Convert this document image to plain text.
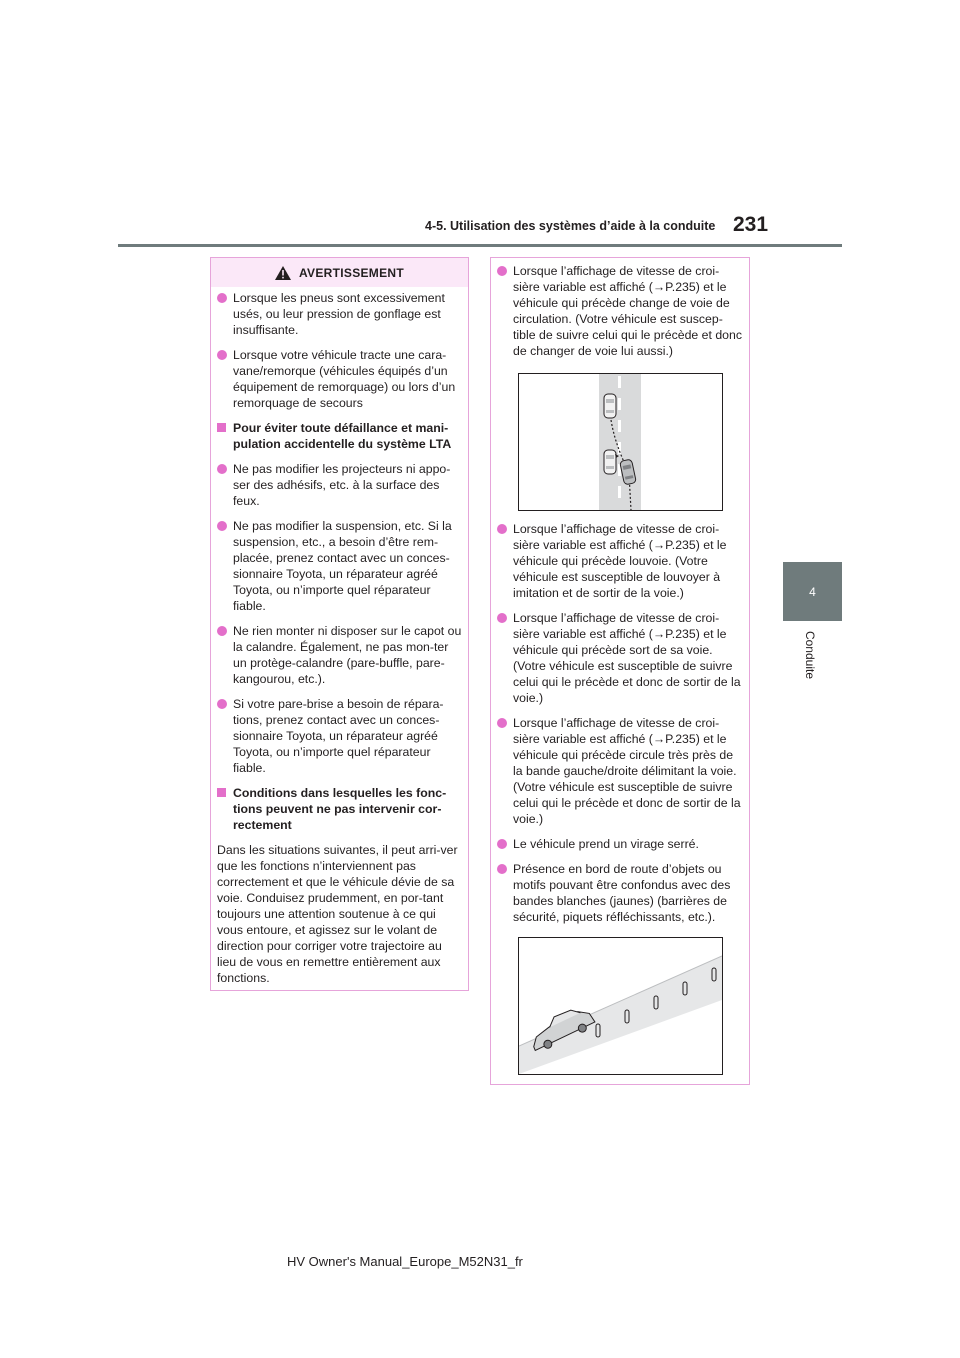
4-5. Utilisation des systèmes d’aide à la conduite 231
4
Conduite
AVERTISSEMENT
Lorsque les pneus sont excessivement usés, ou leur pression de gonflage est insuffisante.
Lorsque votre véhicule tracte une cara-vane/remorque (véhicules équipés d’un équipement de remorquage) ou lors d’un remorquage de secours
Pour éviter toute défaillance et mani-pulation accidentelle du système LTA
Ne pas modifier les projecteurs ni appo-ser des adhésifs, etc. à la surface des feux.
Ne pas modifier la suspension, etc. Si la suspension, etc., a besoin d’être rem-placée, prenez contact avec un conces-sionnaire Toyota, un réparateur agréé Toyota, ou n’importe quel réparateur fiable.
Ne rien monter ni disposer sur le capot ou la calandre. Également, ne pas mon-ter un protège-calandre (pare-buffle, pare-kangourou, etc.).
Si votre pare-brise a besoin de répara-tions, prenez contact avec un conces-sionnaire Toyota, un réparateur agréé Toyota, ou n’importe quel réparateur fiable.
Conditions dans lesquelles les fonc-tions peuvent ne pas intervenir cor-rectement
Dans les situations suivantes, il peut arri-ver que les fonctions n’interviennent pas correctement et que le véhicule dévie de sa voie. Conduisez prudemment, en por-tant toujours une attention soutenue à ce qui vous entoure, et agissez sur le volant de direction pour corriger votre trajectoire au lieu de vous en remettre entièrement aux fonctions.
Lorsque l’affichage de vitesse de croi-sière variable est affiché (→P.235) et le véhicule qui précède change de voie de circulation. (Votre véhicule est suscep-tible de suivre celui qui le précède et donc de changer de voie lui aussi.)
Lorsque l’affichage de vitesse de croi-sière variable est affiché (→P.235) et le véhicule qui précède louvoie. (Votre véhicule est susceptible de louvoyer à imitation et de sortir de la voie.)
Lorsque l’affichage de vitesse de croi-sière variable est affiché (→P.235) et le véhicule qui précède sort de sa voie. (Votre véhicule est susceptible de suivre celui qui le précède et donc de sortir de la voie.)
Lorsque l’affichage de vitesse de croi-sière variable est affiché (→P.235) et le véhicule qui précède circule très près de la bande gauche/droite délimitant la voie. (Votre véhicule est susceptible de suivre celui qui le précède et donc de sortir de la voie.)
Le véhicule prend un virage serré.
Présence en bord de route d’objets ou motifs pouvant être confondus avec des bandes blanches (jaunes) (barrières de sécurité, piquets réfléchissants, etc.).
HV Owner's Manual_Europe_M52N31_fr
